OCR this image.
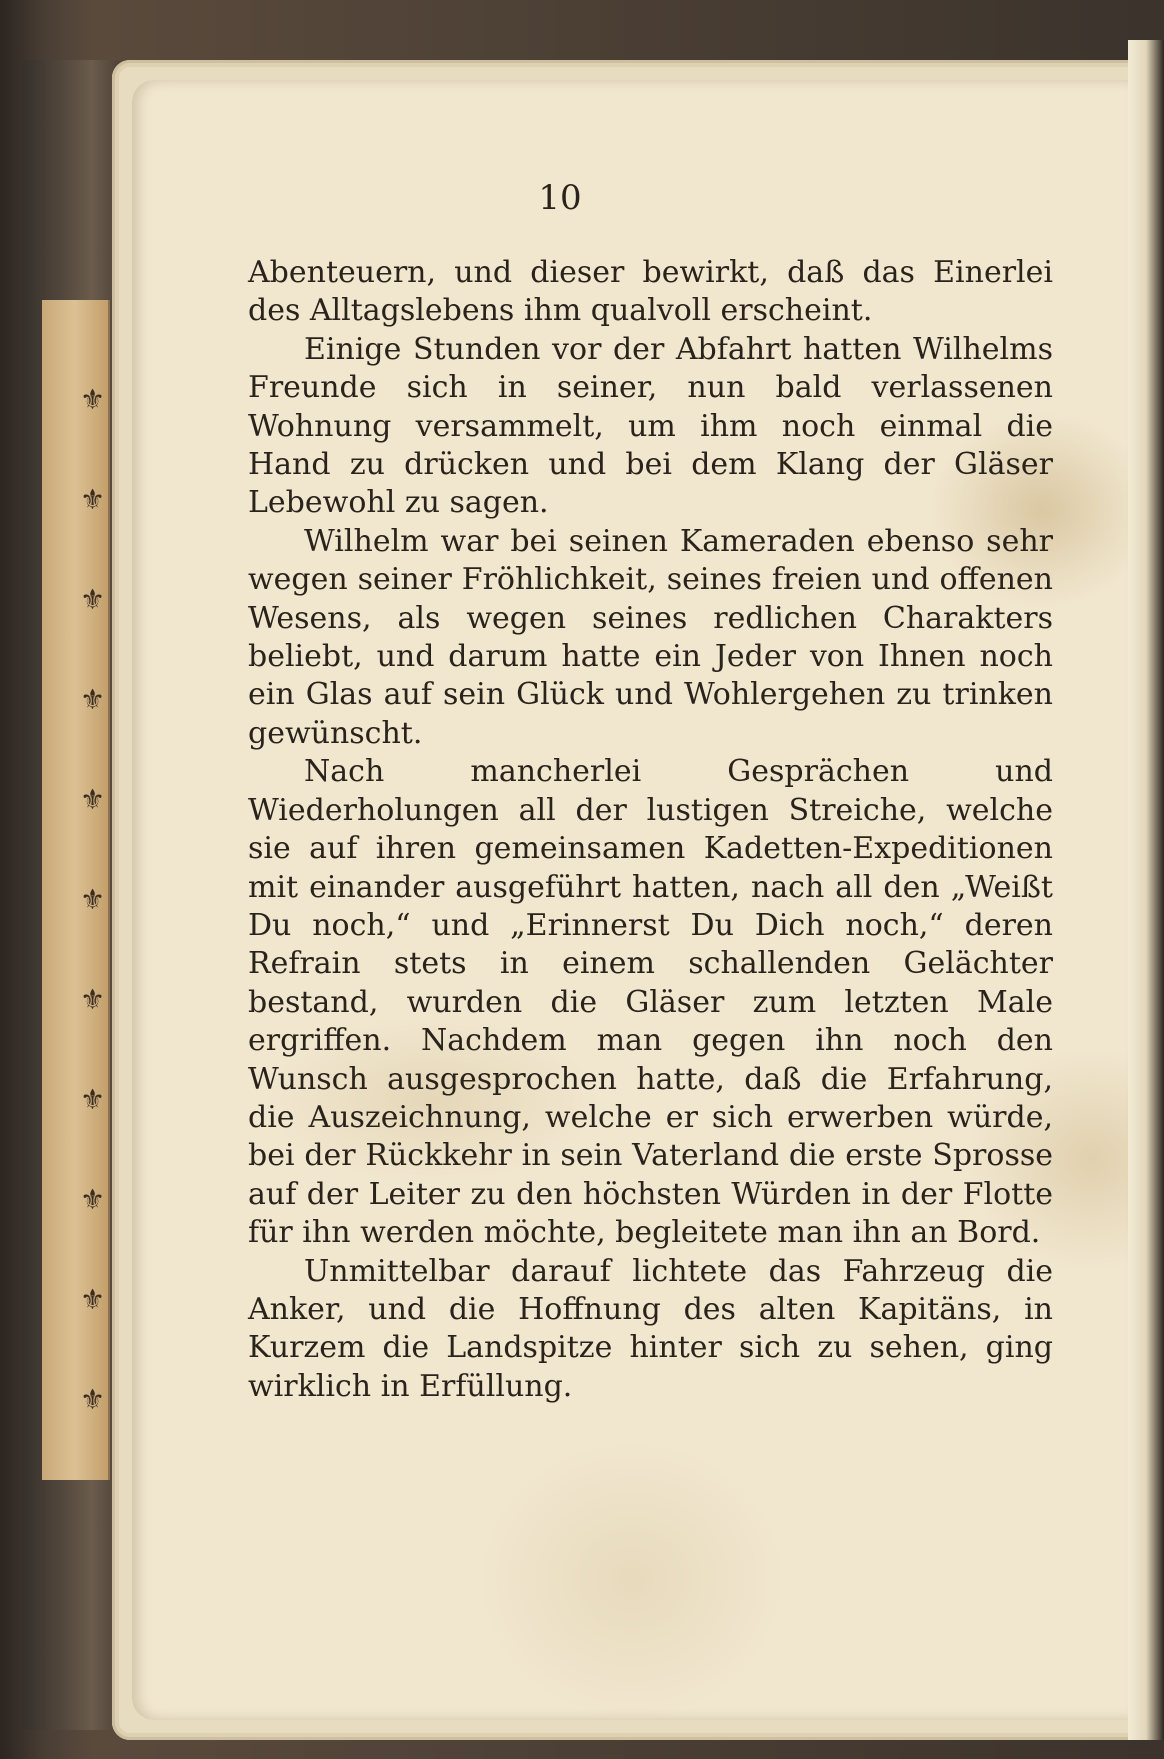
⚜
⚜
⚜
⚜
⚜
⚜
⚜
⚜
⚜
⚜
⚜
10

Abenteuern, und dieser bewirkt, daß das Einerlei des Alltagslebens ihm qualvoll erscheint.

Einige Stunden vor der Abfahrt hatten Wilhelms Freunde sich in seiner, nun bald verlassenen Wohnung versammelt, um ihm noch einmal die Hand zu drücken und bei dem Klang der Gläser Lebewohl zu sagen.

Wilhelm war bei seinen Kameraden ebenso sehr wegen seiner Fröhlichkeit, seines freien und offenen Wesens, als wegen seines redlichen Charakters beliebt, und darum hatte ein Jeder von Ihnen noch ein Glas auf sein Glück und Wohlergehen zu trinken gewünscht.

Nach mancherlei Gesprächen und Wiederholungen all der lustigen Streiche, welche sie auf ihren gemeinsamen Kadetten-Expeditionen mit einander ausgeführt hatten, nach all den „Weißt Du noch,“ und „Erinnerst Du Dich noch,“ deren Refrain stets in einem schallenden Gelächter bestand, wurden die Gläser zum letzten Male ergriffen. Nachdem man gegen ihn noch den Wunsch ausgesprochen hatte, daß die Erfahrung, die Auszeichnung, welche er sich erwerben würde, bei der Rückkehr in sein Vaterland die erste Sprosse auf der Leiter zu den höchsten Würden in der Flotte für ihn werden möchte, begleitete man ihn an Bord.

Unmittelbar darauf lichtete das Fahrzeug die Anker, und die Hoffnung des alten Kapitäns, in Kurzem die Landspitze hinter sich zu sehen, ging wirklich in Erfüllung.
